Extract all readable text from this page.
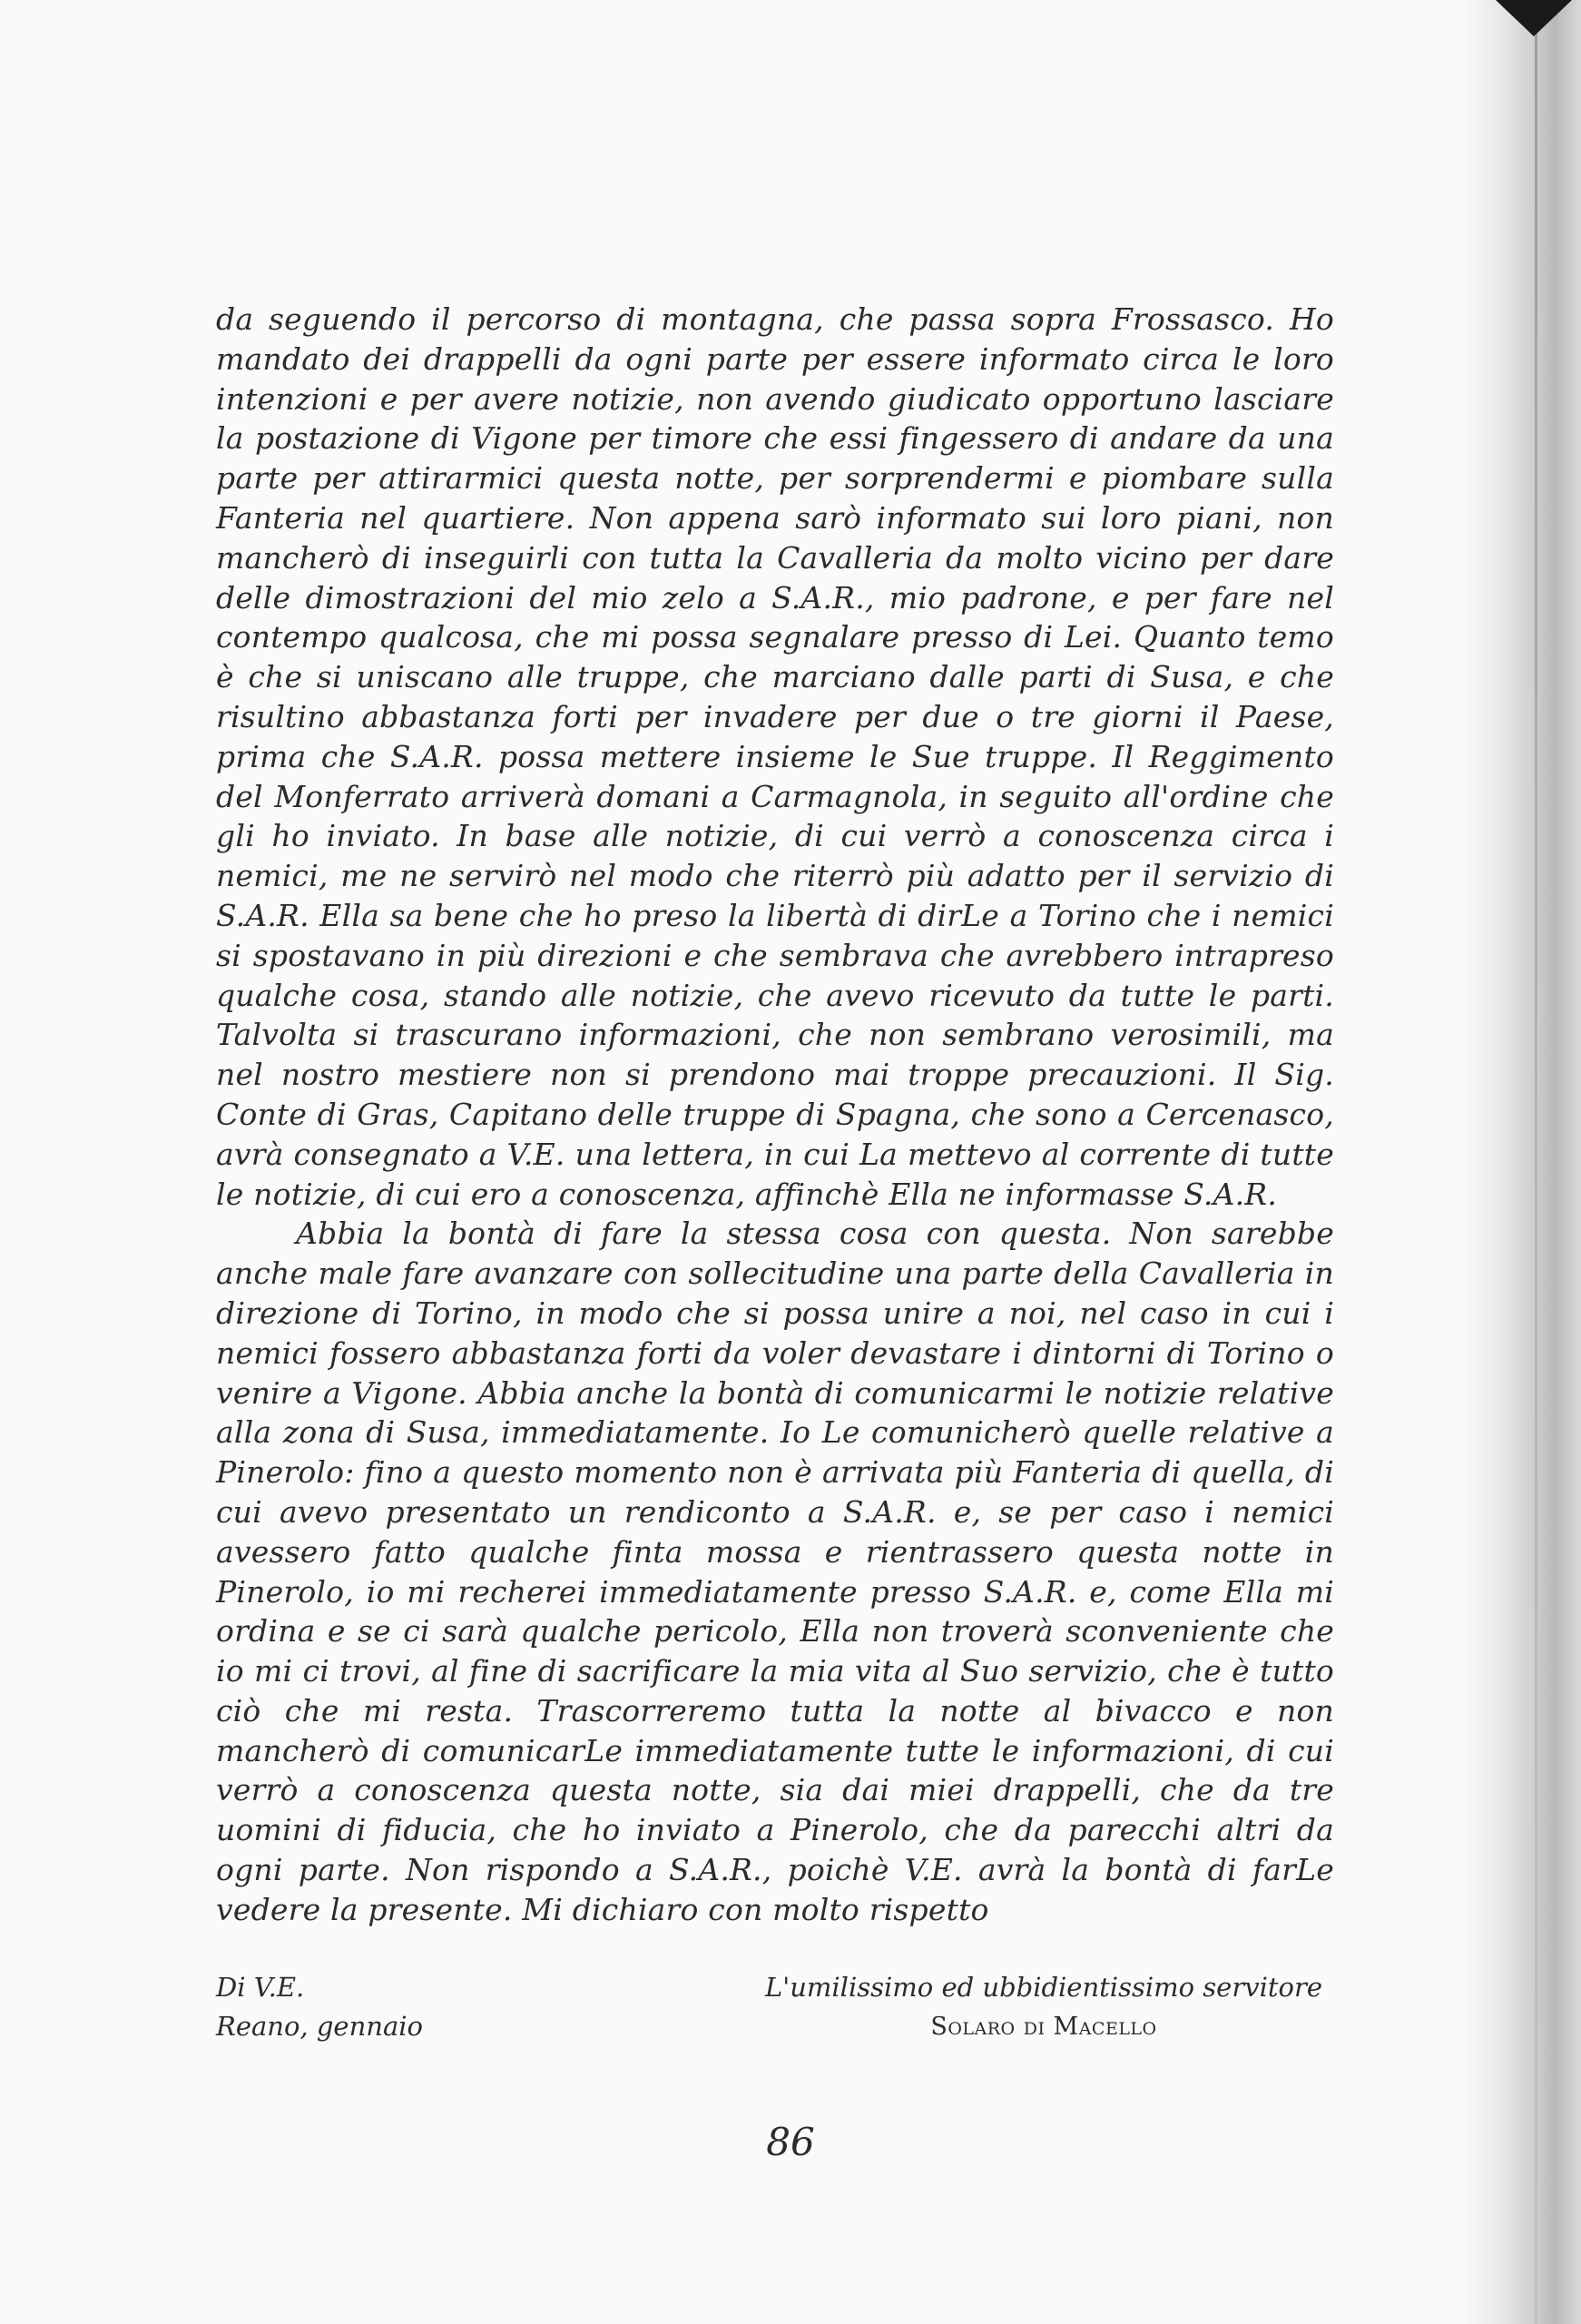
da seguendo il percorso di montagna, che passa sopra Frossasco. Ho mandato dei drappelli da ogni parte per essere informato circa le loro intenzioni e per avere notizie, non avendo giudicato opportuno lasciare la postazione di Vigone per timore che essi fingessero di andare da una parte per attirarmici questa notte, per sorprendermi e piombare sulla Fanteria nel quartiere. Non appena sarò informato sui loro piani, non mancherò di inseguirli con tutta la Cavalleria da molto vicino per dare delle dimostrazioni del mio zelo a S.A.R., mio padrone, e per fare nel contempo qualcosa, che mi possa segnalare presso di Lei. Quanto temo è che si uniscano alle truppe, che marciano dalle parti di Susa, e che risultino abbastanza forti per invadere per due o tre giorni il Paese, prima che S.A.R. possa mettere insieme le Sue truppe. Il Reggimento del Monferrato arriverà domani a Carmagnola, in seguito all'ordine che gli ho inviato. In base alle notizie, di cui verrò a conoscenza circa i nemici, me ne servirò nel modo che riterrò più adatto per il servizio di S.A.R. Ella sa bene che ho preso la libertà di dirLe a Torino che i nemici si spostavano in più direzioni e che sembrava che avrebbero intrapreso qualche cosa, stando alle notizie, che avevo ricevuto da tutte le parti. Talvolta si trascurano informazioni, che non sembrano verosimili, ma nel nostro mestiere non si prendono mai troppe precauzioni. Il Sig. Conte di Gras, Capitano delle truppe di Spagna, che sono a Cercenasco, avrà consegnato a V.E. una lettera, in cui La mettevo al corrente di tutte le notizie, di cui ero a conoscenza, affinchè Ella ne informasse S.A.R.

Abbia la bontà di fare la stessa cosa con questa. Non sarebbe anche male fare avanzare con sollecitudine una parte della Cavalleria in direzione di Torino, in modo che si possa unire a noi, nel caso in cui i nemici fossero abbastanza forti da voler devastare i dintorni di Torino o venire a Vigone. Abbia anche la bontà di comunicarmi le notizie relative alla zona di Susa, immediatamente. Io Le comunicherò quelle relative a Pinerolo: fino a questo momento non è arrivata più Fanteria di quella, di cui avevo presentato un rendiconto a S.A.R. e, se per caso i nemici avessero fatto qualche finta mossa e rientrassero questa notte in Pinerolo, io mi recherei immediatamente presso S.A.R. e, come Ella mi ordina e se ci sarà qualche pericolo, Ella non troverà sconveniente che io mi ci trovi, al fine di sacrificare la mia vita al Suo servizio, che è tutto ciò che mi resta. Trascorreremo tutta la notte al bivacco e non mancherò di comunicarLe immediatamente tutte le informazioni, di cui verrò a conoscenza questa notte, sia dai miei drappelli, che da tre uomini di fiducia, che ho inviato a Pinerolo, che da parecchi altri da ogni parte. Non rispondo a S.A.R., poichè V.E. avrà la bontà di farLe vedere la presente. Mi dichiaro con molto rispetto

Di V.E.
Reano, gennaio
L'umilissimo ed ubbidientissimo servitore
Solaro di Macello
86
